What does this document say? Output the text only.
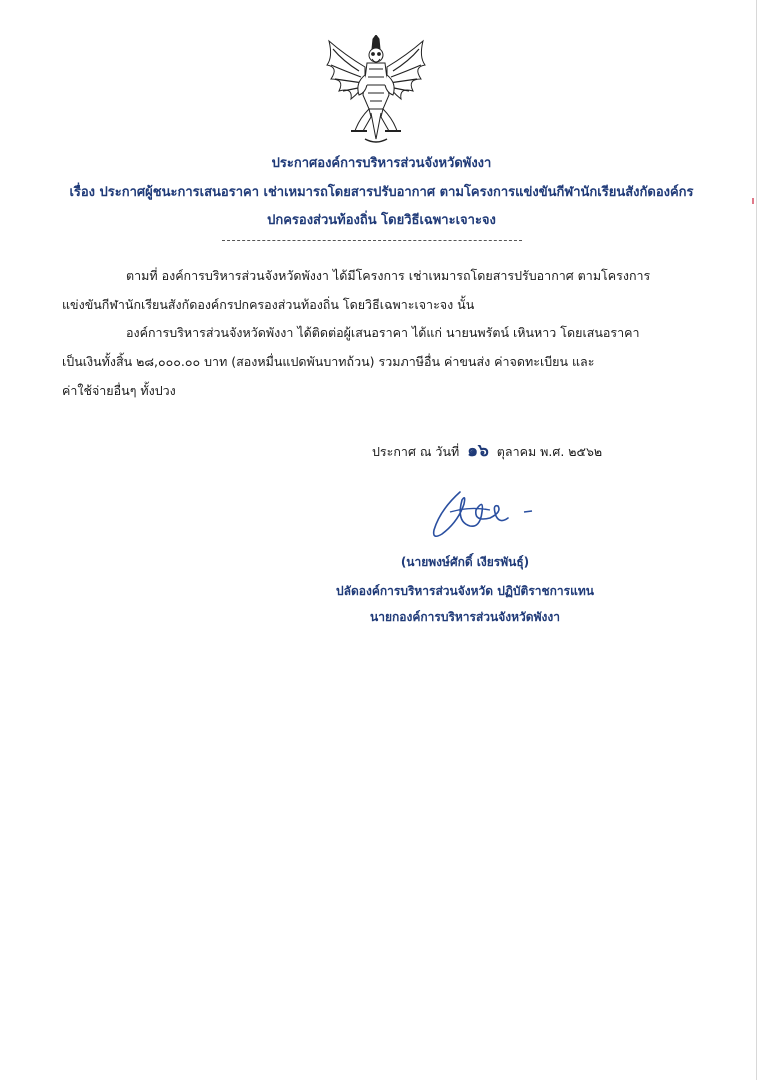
ประกาศองค์การบริหารส่วนจังหวัดพังงา
เรื่อง ประกาศผู้ชนะการเสนอราคา เช่าเหมารถโดยสารปรับอากาศ ตามโครงการแข่งขันกีฬานักเรียนสังกัดองค์กร
ปกครองส่วนท้องถิ่น โดยวิธีเฉพาะเจาะจง
ตามที่ องค์การบริหารส่วนจังหวัดพังงา ได้มีโครงการ เช่าเหมารถโดยสารปรับอากาศ ตามโครงการ
แข่งขันกีฬานักเรียนสังกัดองค์กรปกครองส่วนท้องถิ่น โดยวิธีเฉพาะเจาะจง นั้น
องค์การบริหารส่วนจังหวัดพังงา ได้ติดต่อผู้เสนอราคา ได้แก่ นายนพรัตน์ เหินหาว โดยเสนอราคา
เป็นเงินทั้งสิ้น ๒๘,๐๐๐.๐๐ บาท (สองหมื่นแปดพันบาทถ้วน) รวมภาษีอื่น ค่าขนส่ง ค่าจดทะเบียน และ
ค่าใช้จ่ายอื่นๆ ทั้งปวง
ประกาศ ณ วันที่ ๑๖ ตุลาคม พ.ศ. ๒๕๖๒
(นายพงษ์ศักดิ์ เงียรพันธุ์)
ปลัดองค์การบริหารส่วนจังหวัด ปฏิบัติราชการแทน
นายกองค์การบริหารส่วนจังหวัดพังงา
